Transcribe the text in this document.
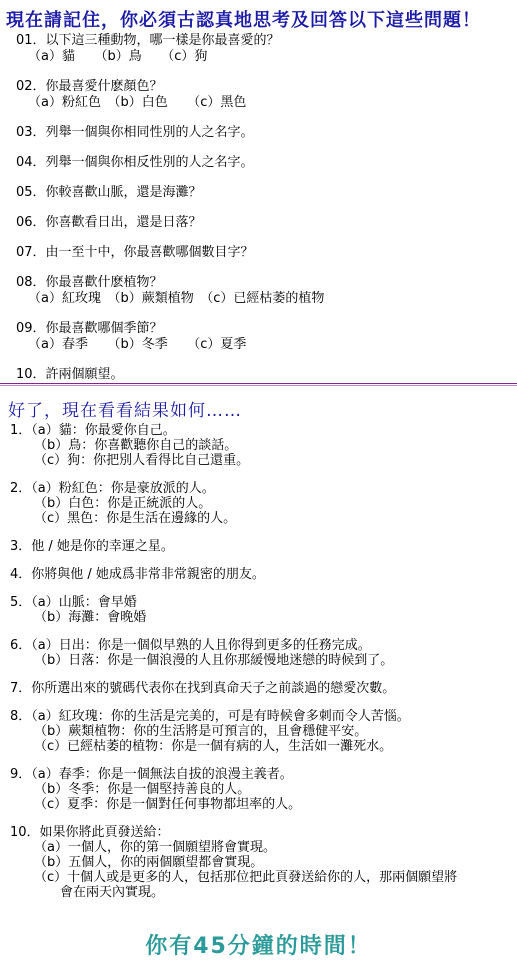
現在請記住，你必須古認真地思考及回答以下這些問題！
01．以下這三種動物，哪一樣是你最喜愛的？
（a）貓　　（b）鳥　　（c）狗
02．你最喜愛什麽顏色？
（a）粉紅色　（b）白色　　（c）黑色
03．列舉一個與你相同性別的人之名字。
04．列舉一個與你相反性別的人之名字。
05．你較喜歡山脈，還是海灘？
06．你喜歡看日出，還是日落？
07．由一至十中，你最喜歡哪個數目字？
08．你最喜歡什麽植物？
（a）紅玫瑰　（b）蕨類植物　（c）已經枯萎的植物
09．你最喜歡哪個季節？
（a）春季　　（b）冬季　　（c）夏季
10．許兩個願望。
好了，現在看看結果如何……
1．（a）貓：你最愛你自己。
（b）鳥：你喜歡聽你自己的談話。
（c）狗：你把別人看得比自己還重。
2．（a）粉紅色：你是豪放派的人。
（b）白色：你是正統派的人。
（c）黑色：你是生活在邊緣的人。
3．他 / 她是你的幸運之星。
4．你將與他 / 她成爲非常非常親密的朋友。
5．（a）山脈：會早婚
（b）海灘：會晚婚
6．（a）日出：你是一個似早熟的人且你得到更多的任務完成。
（b）日落：你是一個浪漫的人且你那緩慢地迷戀的時候到了。
7．你所選出來的號碼代表你在找到真命天子之前談過的戀愛次數。
8．（a）紅玫瑰：你的生活是完美的，可是有時候會多刺而令人苦惱。
（b）蕨類植物：你的生活將是可預言的，且會穩健平安。
（c）已經枯萎的植物：你是一個有病的人，生活如一灘死水。
9．（a）春季：你是一個無法自拔的浪漫主義者。
（b）冬季：你是一個堅持善良的人。
（c）夏季：你是一個對任何事物都坦率的人。
10．如果你將此頁發送給：
（a）一個人，你的第一個願望將會實現。
（b）五個人，你的兩個願望都會實現。
（c）十個人或是更多的人，包括那位把此頁發送給你的人，那兩個願望將
會在兩天內實現。
你有45分鐘的時間！
